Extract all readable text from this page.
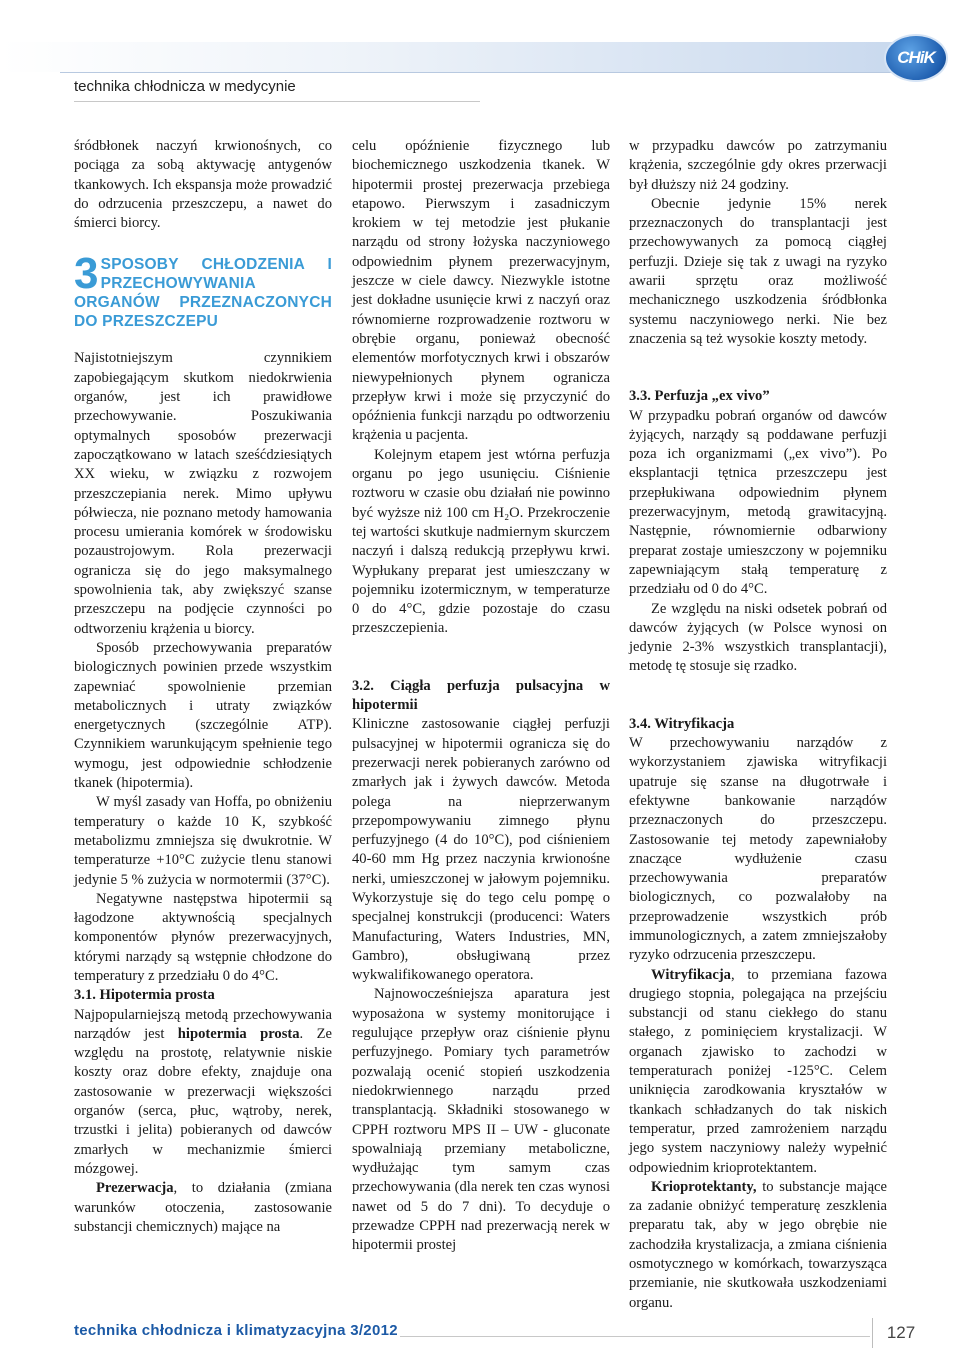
CHiK
technika chłodnicza w medycynie

śródbłonek naczyń krwionośnych, co pociąga za sobą aktywację antygenów tkankowych. Ich ekspansja może prowadzić do odrzucenia przeszczepu, a nawet do śmierci biorcy.

3 SPOSOBY CHŁODZENIA I PRZECHOWYWANIA ORGANÓW PRZEZNACZONYCH DO PRZESZCZEPU

Najistotniejszym czynnikiem zapobiegającym skutkom niedokrwienia organów, jest ich prawidłowe przechowywanie. Poszukiwania optymalnych sposobów prezerwacji zapoczątkowano w latach sześćdziesiątych XX wieku, w związku z rozwojem przeszczepiania nerek. Mimo upływu półwiecza, nie poznano metody hamowania procesu umierania komórek w środowisku pozaustrojowym. Rola prezerwacji ogranicza się do jego maksymalnego spowolnienia tak, aby zwiększyć szanse przeszczepu na podjęcie czynności po odtworzeniu krążenia u biorcy.

Sposób przechowywania preparatów biologicznych powinien przede wszystkim zapewniać spowolnienie przemian metabolicznych i utraty związków energetycznych (szczególnie ATP). Czynnikiem warunkującym spełnienie tego wymogu, jest odpowiednie schłodzenie tkanek (hipotermia).

W myśl zasady van Hoffa, po obniżeniu temperatury o każde 10 K, szybkość metabolizmu zmniejsza się dwukrotnie. W temperaturze +10°C zużycie tlenu stanowi jedynie 5 % zużycia w normotermii (37°C).

Negatywne następstwa hipotermii są łagodzone aktywnością specjalnych komponentów płynów prezerwacyjnych, którymi narządy są wstępnie chłodzone do temperatury z przedziału 0 do 4°C.

3.1. Hipotermia prosta

Najpopularniejszą metodą przechowywania narządów jest hipotermia prosta. Ze względu na prostotę, relatywnie niskie koszty oraz dobre efekty, znajduje ona zastosowanie w prezerwacji większości organów (serca, płuc, wątroby, nerek, trzustki i jelita) pobieranych od dawców zmarłych w mechanizmie śmierci mózgowej.

Prezerwacja, to działania (zmiana warunków otoczenia, zastosowanie substancji chemicznych) mające na

celu opóźnienie fizycznego lub biochemicznego uszkodzenia tkanek. W hipotermii prostej prezerwacja przebiega etapowo. Pierwszym i zasadniczym krokiem w tej metodzie jest płukanie narządu od strony łożyska naczyniowego odpowiednim płynem prezerwacyjnym, jeszcze w ciele dawcy. Niezwykle istotne jest dokładne usunięcie krwi z naczyń oraz równomierne rozprowadzenie roztworu w obrębie organu, ponieważ obecność elementów morfotycznych krwi i obszarów niewypełnionych płynem ogranicza przepływ krwi i może się przyczynić do opóźnienia funkcji narządu po odtworzeniu krążenia u pacjenta.

Kolejnym etapem jest wtórna perfuzja organu po jego usunięciu. Ciśnienie roztworu w czasie obu działań nie powinno być wyższe niż 100 cm H₂O. Przekroczenie tej wartości skutkuje nadmiernym skurczem naczyń i dalszą redukcją przepływu krwi. Wypłukany preparat jest umieszczany w pojemniku izotermicznym, w temperaturze 0 do 4°C, gdzie pozostaje do czasu przeszczepienia.

3.2. Ciągła perfuzja pulsacyjna w hipotermii

Kliniczne zastosowanie ciągłej perfuzji pulsacyjnej w hipotermii ogranicza się do prezerwacji nerek pobieranych zarówno od zmarłych jak i żywych dawców. Metoda polega na nieprzerwanym przepompowywaniu zimnego płynu perfuzyjnego (4 do 10°C), pod ciśnieniem 40-60 mm Hg przez naczynia krwionośne nerki, umieszczonej w jałowym pojemniku. Wykorzystuje się do tego celu pompę o specjalnej konstrukcji (producenci: Waters Manufacturing, Waters Industries, MN, Gambro), obsługiwaną przez wykwalifikowanego operatora.

Najnowocześniejsza aparatura jest wyposażona w systemy monitorujące i regulujące przepływ oraz ciśnienie płynu perfuzyjnego. Pomiary tych parametrów pozwalają ocenić stopień uszkodzenia niedokrwiennego narządu przed transplantacją. Składniki stosowanego w CPPH roztworu MPS II – UW - gluconate spowalniają przemiany metaboliczne, wydłużając tym samym czas przechowywania (dla nerek ten czas wynosi nawet od 5 do 7 dni). To decyduje o przewadze CPPH nad prezerwacją nerek w hipotermii prostej

w przypadku dawców po zatrzymaniu krążenia, szczególnie gdy okres przerwacji był dłuższy niż 24 godziny.

Obecnie jedynie 15% nerek przeznaczonych do transplantacji jest przechowywanych za pomocą ciągłej perfuzji. Dzieje się tak z uwagi na ryzyko awarii sprzętu oraz możliwość mechanicznego uszkodzenia śródbłonka systemu naczyniowego nerki. Nie bez znaczenia są też wysokie koszty metody.

3.3. Perfuzja „ex vivo”

W przypadku pobrań organów od dawców żyjących, narządy są poddawane perfuzji poza ich organizmami („ex vivo”). Po eksplantacji tętnica przeszczepu jest przepłukiwana odpowiednim płynem prezerwacyjnym, metodą grawitacyjną. Następnie, równomiernie odbarwiony preparat zostaje umieszczony w pojemniku zapewniającym stałą temperaturę z przedziału od 0 do 4°C.

Ze względu na niski odsetek pobrań od dawców żyjących (w Polsce wynosi on jedynie 2-3% wszystkich transplantacji), metodę tę stosuje się rzadko.

3.4. Witryfikacja

W przechowywaniu narządów z wykorzystaniem zjawiska witryfikacji upatruje się szanse na długotrwałe i efektywne bankowanie narządów przeznaczonych do przeszczepu. Zastosowanie tej metody zapewniałoby znaczące wydłużenie czasu przechowywania preparatów biologicznych, co pozwalałoby na przeprowadzenie wszystkich prób immunologicznych, a zatem zmniejszałoby ryzyko odrzucenia przeszczepu.

Witryfikacja, to przemiana fazowa drugiego stopnia, polegająca na przejściu substancji od stanu ciekłego do stanu stałego, z pominięciem krystalizacji. W organach zjawisko to zachodzi w temperaturach poniżej -125°C. Celem uniknięcia zarodkowania kryształów w tkankach schładzanych do tak niskich temperatur, przed zamrożeniem narządu jego system naczyniowy należy wypełnić odpowiednim krioprotektantem.

Krioprotektanty, to substancje mające za zadanie obniżyć temperaturę zeszklenia preparatu tak, aby w jego obrębie nie zachodziła krystalizacja, a zmiana ciśnienia osmotycznego w komórkach, towarzysząca przemianie, nie skutkowała uszkodzeniami organu.

technika chłodnicza i klimatyzacyjna 3/2012	127
